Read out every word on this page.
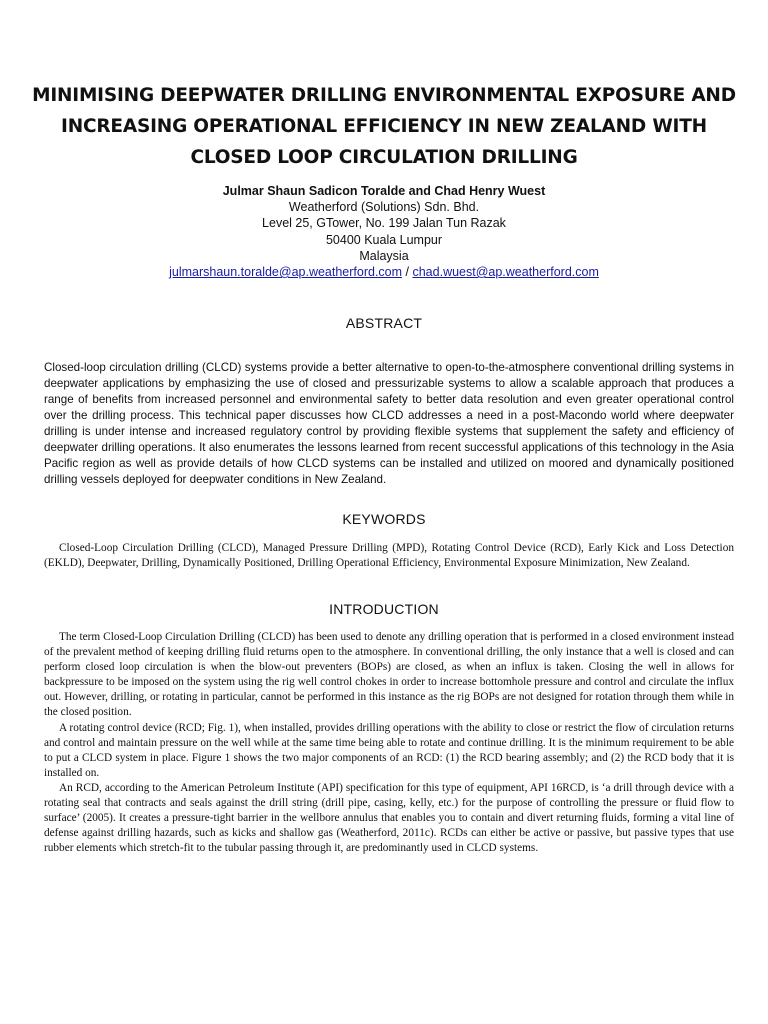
MINIMISING DEEPWATER DRILLING ENVIRONMENTAL EXPOSURE AND
INCREASING OPERATIONAL EFFICIENCY IN NEW ZEALAND WITH
CLOSED LOOP CIRCULATION DRILLING
Julmar Shaun Sadicon Toralde and Chad Henry Wuest
Weatherford (Solutions) Sdn. Bhd.
Level 25, GTower, No. 199 Jalan Tun Razak
50400 Kuala Lumpur
Malaysia
julmarshaun.toralde@ap.weatherford.com / chad.wuest@ap.weatherford.com
ABSTRACT
Closed-loop circulation drilling (CLCD) systems provide a better alternative to open-to-the-atmosphere conventional drilling systems in deepwater applications by emphasizing the use of closed and pressurizable systems to allow a scalable approach that produces a range of benefits from increased personnel and environmental safety to better data resolution and even greater operational control over the drilling process. This technical paper discusses how CLCD addresses a need in a post-Macondo world where deepwater drilling is under intense and increased regulatory control by providing flexible systems that supplement the safety and efficiency of deepwater drilling operations. It also enumerates the lessons learned from recent successful applications of this technology in the Asia Pacific region as well as provide details of how CLCD systems can be installed and utilized on moored and dynamically positioned drilling vessels deployed for deepwater conditions in New Zealand.
KEYWORDS
Closed-Loop Circulation Drilling (CLCD), Managed Pressure Drilling (MPD), Rotating Control Device (RCD), Early Kick and Loss Detection (EKLD), Deepwater, Drilling, Dynamically Positioned, Drilling Operational Efficiency, Environmental Exposure Minimization, New Zealand.
INTRODUCTION

The term Closed-Loop Circulation Drilling (CLCD) has been used to denote any drilling operation that is performed in a closed environment instead of the prevalent method of keeping drilling fluid returns open to the atmosphere. In conventional drilling, the only instance that a well is closed and can perform closed loop circulation is when the blow-out preventers (BOPs) are closed, as when an influx is taken. Closing the well in allows for backpressure to be imposed on the system using the rig well control chokes in order to increase bottomhole pressure and control and circulate the influx out. However, drilling, or rotating in particular, cannot be performed in this instance as the rig BOPs are not designed for rotation through them while in the closed position.

A rotating control device (RCD; Fig. 1), when installed, provides drilling operations with the ability to close or restrict the flow of circulation returns and control and maintain pressure on the well while at the same time being able to rotate and continue drilling. It is the minimum requirement to be able to put a CLCD system in place. Figure 1 shows the two major components of an RCD: (1) the RCD bearing assembly; and (2) the RCD body that it is installed on.

An RCD, according to the American Petroleum Institute (API) specification for this type of equipment, API 16RCD, is ‘a drill through device with a rotating seal that contracts and seals against the drill string (drill pipe, casing, kelly, etc.) for the purpose of controlling the pressure or fluid flow to surface’ (2005). It creates a pressure-tight barrier in the wellbore annulus that enables you to contain and divert returning fluids, forming a vital line of defense against drilling hazards, such as kicks and shallow gas (Weatherford, 2011c). RCDs can either be active or passive, but passive types that use rubber elements which stretch-fit to the tubular passing through it, are predominantly used in CLCD systems.
